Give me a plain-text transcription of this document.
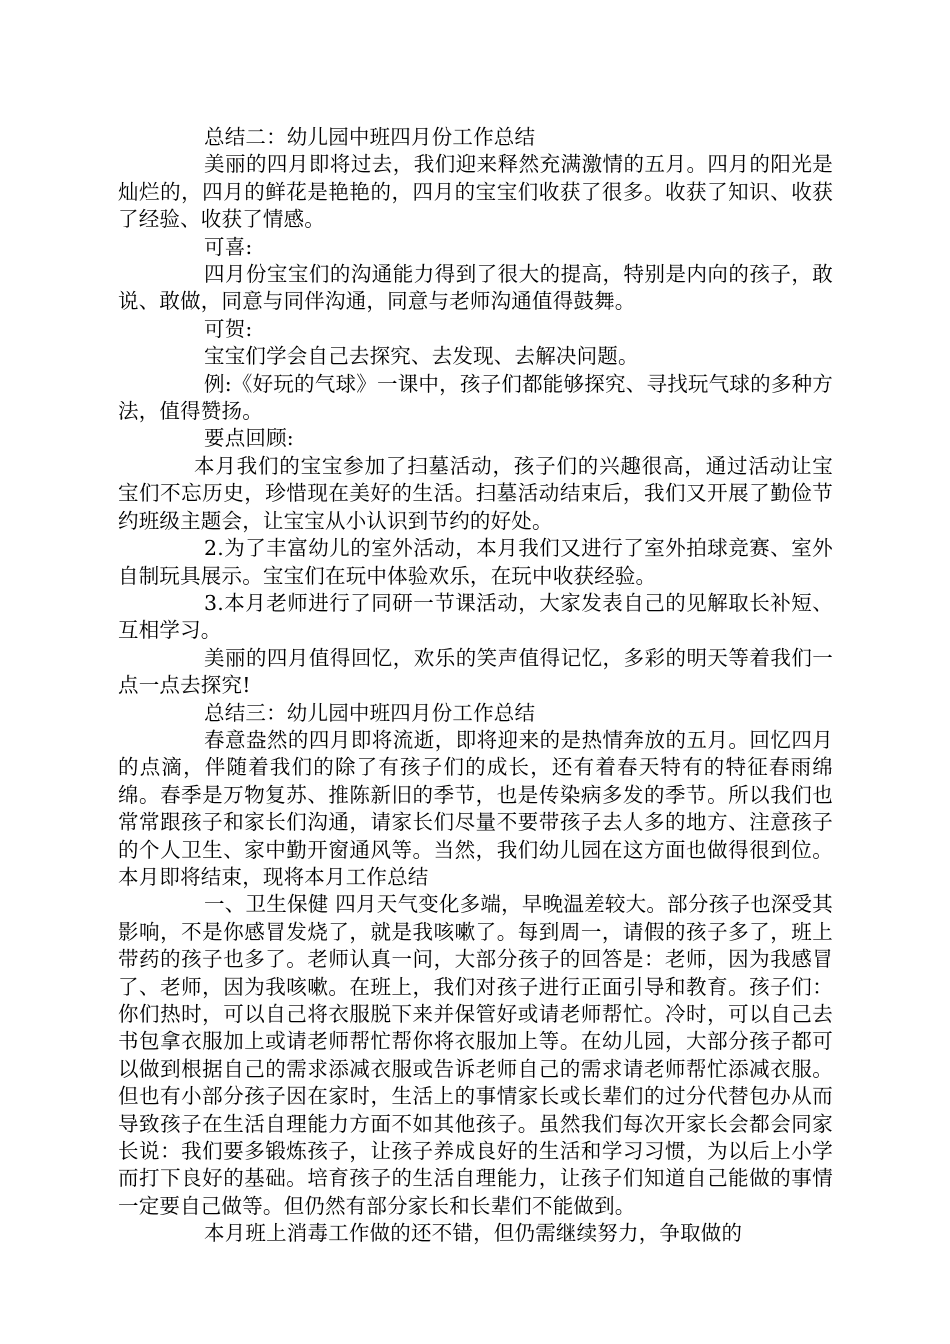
总结二：幼儿园中班四月份工作总结

美丽的四月即将过去，我们迎来释然充满激情的五月。四月的阳光是灿烂的，四月的鲜花是艳艳的，四月的宝宝们收获了很多。收获了知识、收获了经验、收获了情感。

可喜:

四月份宝宝们的沟通能力得到了很大的提高，特别是内向的孩子，敢说、敢做，同意与同伴沟通，同意与老师沟通值得鼓舞。

可贺:

宝宝们学会自己去探究、去发现、去解决问题。

例:《好玩的气球》一课中，孩子们都能够探究、寻找玩气球的多种方法，值得赞扬。

要点回顾:

本月我们的宝宝参加了扫墓活动，孩子们的兴趣很高，通过活动让宝宝们不忘历史，珍惜现在美好的生活。扫墓活动结束后，我们又开展了勤俭节约班级主题会，让宝宝从小认识到节约的好处。

2.为了丰富幼儿的室外活动，本月我们又进行了室外拍球竞赛、室外自制玩具展示。宝宝们在玩中体验欢乐，在玩中收获经验。

3.本月老师进行了同研一节课活动，大家发表自己的见解取长补短、互相学习。

美丽的四月值得回忆，欢乐的笑声值得记忆，多彩的明天等着我们一点一点去探究!

总结三：幼儿园中班四月份工作总结

春意盎然的四月即将流逝，即将迎来的是热情奔放的五月。回忆四月的点滴，伴随着我们的除了有孩子们的成长，还有着春天特有的特征春雨绵绵。春季是万物复苏、推陈新旧的季节，也是传染病多发的季节。所以我们也常常跟孩子和家长们沟通，请家长们尽量不要带孩子去人多的地方、注意孩子的个人卫生、家中勤开窗通风等。当然，我们幼儿园在这方面也做得很到位。本月即将结束，现将本月工作总结

一、卫生保健 四月天气变化多端，早晚温差较大。部分孩子也深受其影响，不是你感冒发烧了，就是我咳嗽了。每到周一，请假的孩子多了，班上带药的孩子也多了。老师认真一问，大部分孩子的回答是：老师，因为我感冒了、老师，因为我咳嗽。在班上，我们对孩子进行正面引导和教育。孩子们：你们热时，可以自己将衣服脱下来并保管好或请老师帮忙。冷时，可以自己去书包拿衣服加上或请老师帮忙帮你将衣服加上等。在幼儿园，大部分孩子都可以做到根据自己的需求添减衣服或告诉老师自己的需求请老师帮忙添减衣服。但也有小部分孩子因在家时，生活上的事情家长或长辈们的过分代替包办从而导致孩子在生活自理能力方面不如其他孩子。虽然我们每次开家长会都会同家长说：我们要多锻炼孩子，让孩子养成良好的生活和学习习惯，为以后上小学而打下良好的基础。培育孩子的生活自理能力，让孩子们知道自己能做的事情一定要自己做等。但仍然有部分家长和长辈们不能做到。

本月班上消毒工作做的还不错，但仍需继续努力，争取做的
